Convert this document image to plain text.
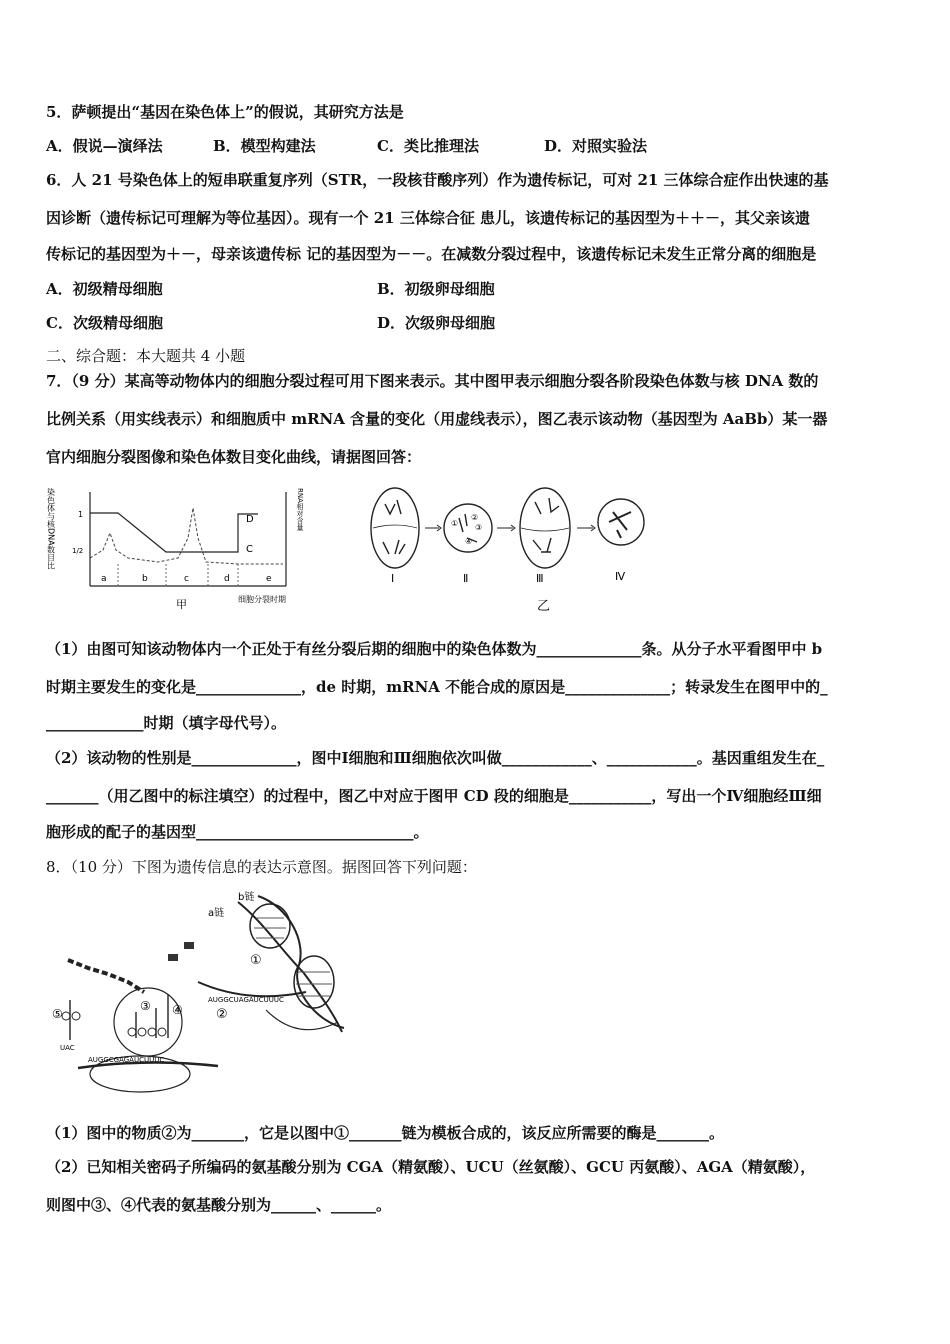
5．萨顿提出“基因在染色体上”的假说，其研究方法是
A．假说—演绎法	B．模型构建法	C．类比推理法	D．对照实验法
6．人 21 号染色体上的短串联重复序列（STR，一段核苷酸序列）作为遗传标记，可对 21 三体综合症作出快速的基
因诊断（遗传标记可理解为等位基因）。现有一个 21 三体综合征 患儿，该遗传标记的基因型为＋＋－，其父亲该遗
传标记的基因型为＋－，母亲该遗传标 记的基因型为－－。在减数分裂过程中，该遗传标记未发生正常分离的细胞是
A．初级精母细胞	B．初级卵母细胞
C．次级精母细胞	D．次级卵母细胞
二、综合题：本大题共 4 小题
7．（9 分）某高等动物体内的细胞分裂过程可用下图来表示。其中图甲表示细胞分裂各阶段染色体数与核 DNA 数的
比例关系（用实线表示）和细胞质中 mRNA 含量的变化（用虚线表示），图乙表示该动物（基因型为 AaBb）某一器
官内细胞分裂图像和染色体数目变化曲线，请据图回答：
染色体与核DNA数目比	RNA相对含量
1
1/2
a	b	c	d	e
D
C
细胞分裂时期
甲
Ⅰ
①
②
③
④
Ⅱ	Ⅲ	Ⅳ
乙
（1）由图可知该动物体内一个正处于有丝分裂后期的细胞中的染色体数为______________条。从分子水平看图甲中 b
时期主要发生的变化是______________，de 时期，mRNA 不能合成的原因是______________；转录发生在图甲中的_
_____________时期（填字母代号）。
（2）该动物的性别是______________，图中Ⅰ细胞和Ⅲ细胞依次叫做____________、____________。基因重组发生在_
_______（用乙图中的标注填空）的过程中，图乙中对应于图甲 CD 段的细胞是___________，写出一个Ⅳ细胞经Ⅲ细
胞形成的配子的基因型_____________________________。
8．（10 分）下图为遗传信息的表达示意图。据图回答下列问题：
b链
a链
①
AUGGCUAGAUCUUUC
②
③ ④
⑤
UAC
AUGGCGAGAUCUUUC
（1）图中的物质②为_______，它是以图中①_______链为模板合成的，该反应所需要的酶是_______。
（2）已知相关密码子所编码的氨基酸分别为 CGA（精氨酸）、UCU（丝氨酸）、GCU 丙氨酸）、AGA（精氨酸），
则图中③、④代表的氨基酸分别为______、______。
